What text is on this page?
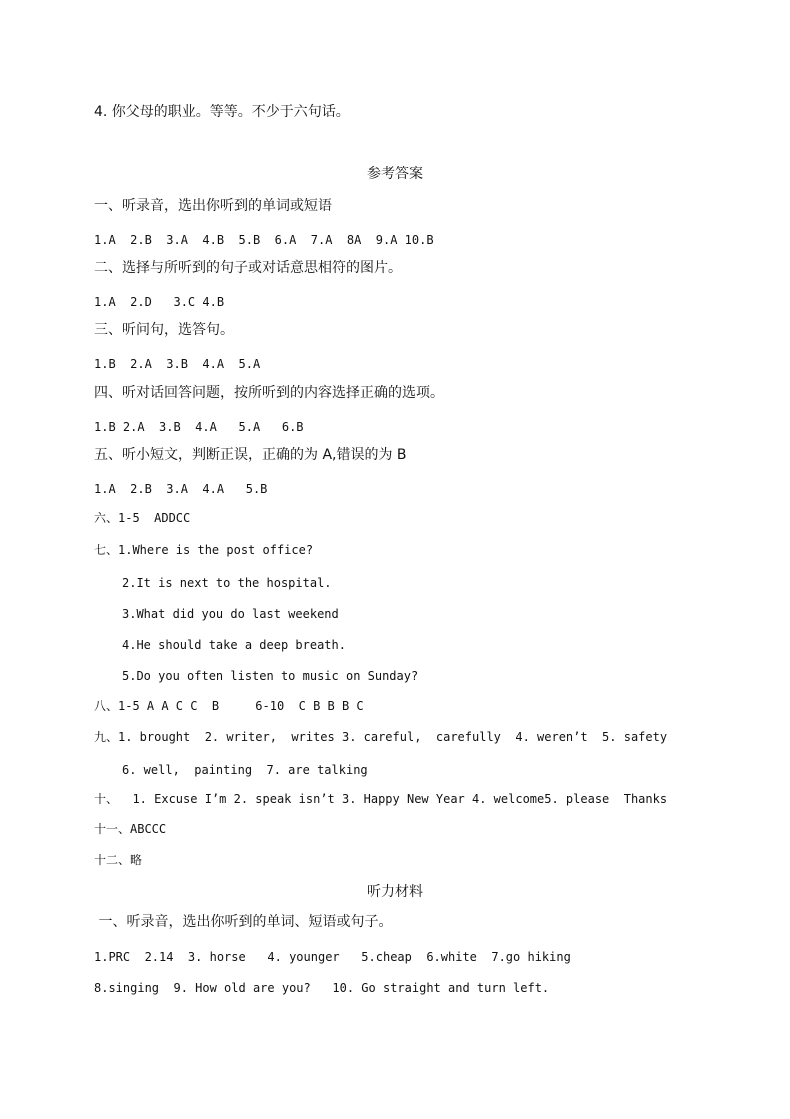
4. 你父母的职业。等等。不少于六句话。
参考答案
一、听录音，选出你听到的单词或短语
1.A  2.B  3.A  4.B  5.B  6.A  7.A  8A  9.A 10.B
二、选择与所听到的句子或对话意思相符的图片。
1.A  2.D   3.C 4.B
三、听问句，选答句。
1.B  2.A  3.B  4.A  5.A
四、听对话回答问题，按所听到的内容选择正确的选项。
1.B 2.A  3.B  4.A   5.A   6.B
五、听小短文，判断正误，正确的为 A,错误的为 B
1.A  2.B  3.A  4.A   5.B
六、1-5  ADDCC
七、1.Where is the post office?
2.It is next to the hospital.
3.What did you do last weekend
4.He should take a deep breath.
5.Do you often listen to music on Sunday?
八、1-5 A A C C  B     6-10  C B B B C
九、1. brought  2. writer,  writes 3. careful,  carefully  4. weren’t  5. safety
6. well,  painting  7. are talking
十、  1. Excuse I’m 2. speak isn’t 3. Happy New Year 4. welcome5. please  Thanks
十一、ABCCC
十二、略
听力材料
一、听录音，选出你听到的单词、短语或句子。
1.PRC  2.14  3. horse   4. younger   5.cheap  6.white  7.go hiking
8.singing  9. How old are you?   10. Go straight and turn left.
